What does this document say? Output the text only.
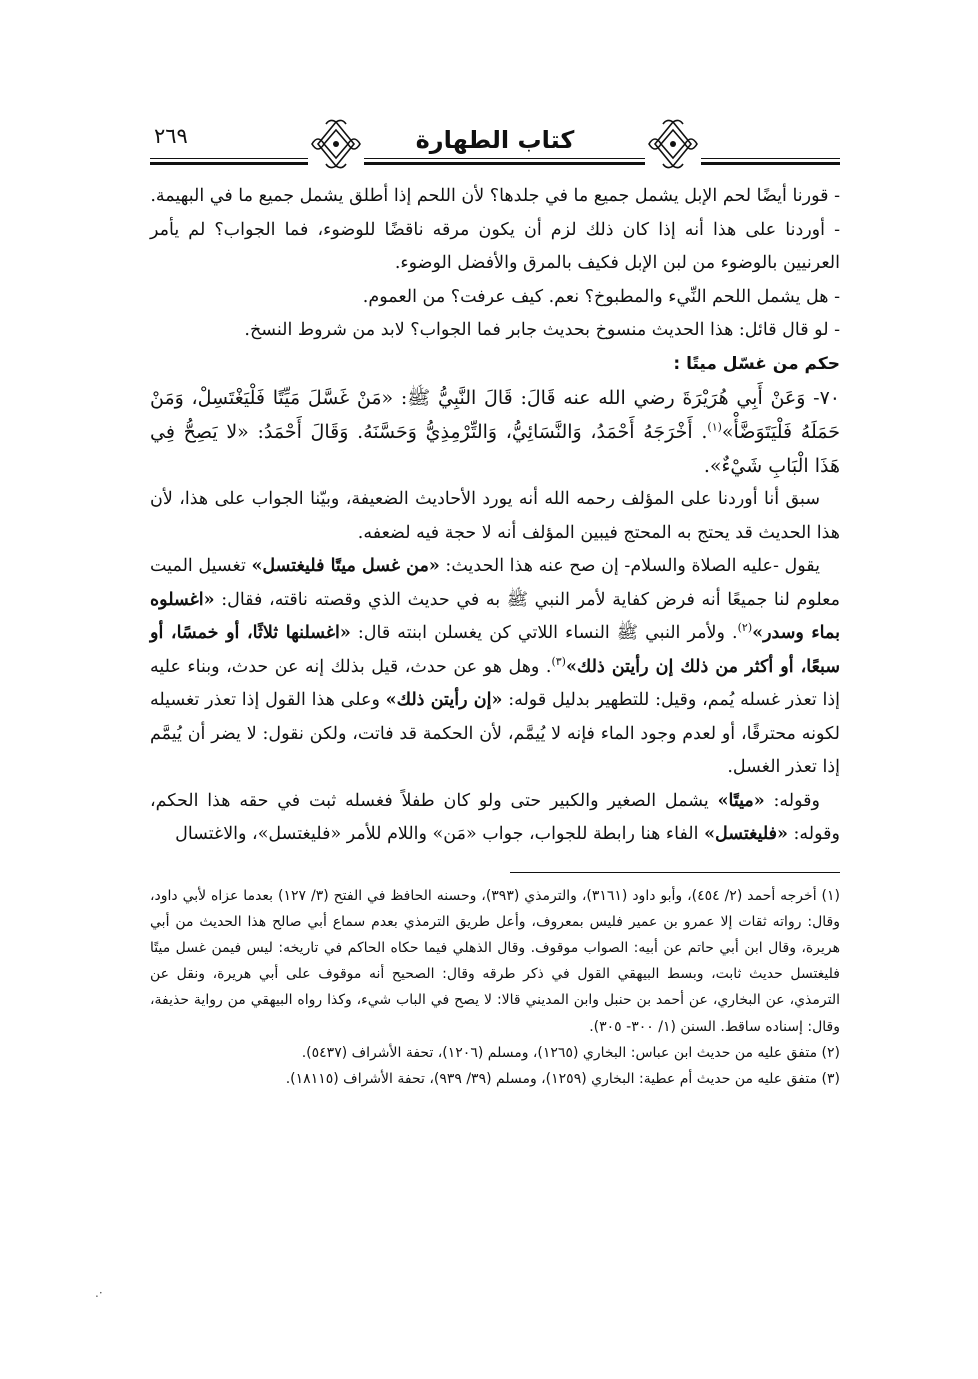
٢٦٩	كتاب الطهارة

- قورنا أيضًا لحم الإبل يشمل جميع ما في جلدها؟ لأن اللحم إذا أطلق يشمل جميع ما في البهيمة.

- أوردنا على هذا أنه إذا كان ذلك لزم أن يكون مرقه ناقضًا للوضوء، فما الجواب؟ لم يأمر العرنيين بالوضوء من لبن الإبل فكيف بالمرق والأفضل الوضوء.

- هل يشمل اللحم النِّيء والمطبوخ؟ نعم. كيف عرفت؟ من العموم.

- لو قال قائل: هذا الحديث منسوخ بحديث جابر فما الجواب؟ لابد من شروط النسخ.

حكم من غسّل ميتًا :

٧٠- وَعَنْ أَبِي هُرَيْرَةَ رضي الله عنه قَالَ: قَالَ النَّبِيُّ ﷺ: «مَنْ غَسَّلَ مَيِّتًا فَلْيَغْتَسِلْ، وَمَنْ حَمَلَهُ فَلْيَتَوَضَّأْ»$^{(١)}$. أَخْرَجَهُ أَحْمَدُ، وَالنَّسَائِيُّ، وَالتِّرْمِذِيُّ وَحَسَّنَهُ. وَقَالَ أَحْمَدُ: «لا يَصِحُّ فِي هَذَا الْبَابِ شَيْءٌ».

سبق أنا أوردنا على المؤلف رحمه الله أنه يورد الأحاديث الضعيفة، وبيّنا الجواب على هذا، لأن هذا الحديث قد يحتج به المحتج فيبين المؤلف أنه لا حجة فيه لضعفه.

يقول -عليه الصلاة والسلام- إن صح عنه هذا الحديث: «من غسل ميتًا فليغتسل» تغسيل الميت معلوم لنا جميعًا أنه فرض كفاية لأمر النبي ﷺ به في حديث الذي وقصته ناقته، فقال: «اغسلوه بماء وسدر»$^{(٢)}$. ولأمر النبي ﷺ النساء اللاتي كن يغسلن ابنته قال: «اغسلنها ثلاثًا، أو خمسًا، أو سبعًا، أو أكثر من ذلك إن رأيتن ذلك»$^{(٣)}$. وهل هو عن حدث، قيل بذلك إنه عن حدث، وبناء عليه إذا تعذر غسله يُمم، وقيل: للتطهير بدليل قوله: «إن رأيتن ذلك» وعلى هذا القول إذا تعذر تغسيله لكونه محترقًا، أو لعدم وجود الماء فإنه لا يُيمَّم، لأن الحكمة قد فاتت، ولكن نقول: لا يضر أن يُيمَّم إذا تعذر الغسل.

وقوله: «ميتًا» يشمل الصغير والكبير حتى ولو كان طفلاً فغسله ثبت في حقه هذا الحكم، وقوله: «فليغتسل» الفاء هنا رابطة للجواب، جواب «مَن» واللام للأمر «فليغتسل»، والاغتسال

(١) أخرجه أحمد (٢/ ٤٥٤)، وأبو داود (٣١٦١)، والترمذي (٣٩٣)، وحسنه الحافظ في الفتح (٣/ ١٢٧) بعدما عزاه لأبي داود، وقال: رواته ثقات إلا عمرو بن عمير فليس بمعروف، وأعل طريق الترمذي بعدم سماع أبي صالح هذا الحديث من أبي هريرة، وقال ابن أبي حاتم عن أبيه: الصواب موقوف. وقال الذهلي فيما حكاه الحاكم في تاريخه: ليس فيمن غسل ميتًا فليغتسل حديث ثابت، وبسط البيهقي القول في ذكر طرقه وقال: الصحيح أنه موقوف على أبي هريرة، ونقل عن الترمذي، عن البخاري، عن أحمد بن حنبل وابن المديني قالا: لا يصح في الباب شيء، وكذا رواه البيهقي من رواية حذيفة، وقال: إسناده ساقط. السنن (١/ ٣٠٠- ٣٠٥).

(٢) متفق عليه من حديث ابن عباس: البخاري (١٢٦٥)، ومسلم (١٢٠٦)، تحفة الأشراف (٥٤٣٧).

(٣) متفق عليه من حديث أم عطية: البخاري (١٢٥٩)، ومسلم (٣٩/ ٩٣٩)، تحفة الأشراف (١٨١١٥).

·.
